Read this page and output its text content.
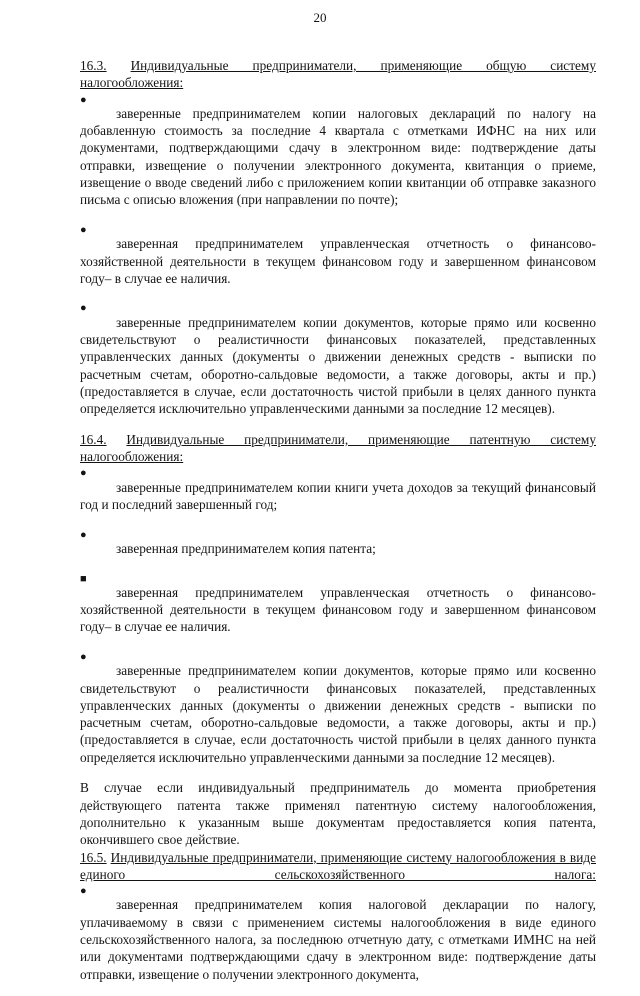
20

16.3. Индивидуальные предприниматели, применяющие общую систему налогообложения:

●

заверенные предпринимателем копии налоговых деклараций по налогу на добавленную стоимость за последние 4 квартала с отметками ИФНС на них или документами, подтверждающими сдачу в электронном виде: подтверждение даты отправки, извещение о получении электронного документа, квитанция о приеме, извещение о вводе сведений либо с приложением копии квитанции об отправке заказного письма с описью вложения (при направлении по почте);

●

заверенная предпринимателем управленческая отчетность о финансово-хозяйственной деятельности в текущем финансовом году и завершенном финансовом году– в случае ее наличия.

●

заверенные предпринимателем копии документов, которые прямо или косвенно свидетельствуют о реалистичности финансовых показателей, представленных управленческих данных (документы о движении денежных средств - выписки по расчетным счетам, оборотно-сальдовые ведомости, а также договоры, акты и пр.) (предоставляется в случае, если достаточность чистой прибыли в целях данного пункта определяется исключительно управленческими данными за последние 12 месяцев).

16.4. Индивидуальные предприниматели, применяющие патентную систему налогообложения:

●

заверенные предпринимателем копии книги учета доходов за текущий финансовый год и последний завершенный год;

●

заверенная предпринимателем копия патента;

■

заверенная предпринимателем управленческая отчетность о финансово-хозяйственной деятельности в текущем финансовом году и завершенном финансовом году– в случае ее наличия.

●

заверенные предпринимателем копии документов, которые прямо или косвенно свидетельствуют о реалистичности финансовых показателей, представленных управленческих данных (документы о движении денежных средств - выписки по расчетным счетам, оборотно-сальдовые ведомости, а также договоры, акты и пр.) (предоставляется в случае, если достаточность чистой прибыли в целях данного пункта определяется исключительно управленческими данными за последние 12 месяцев).

В случае если индивидуальный предприниматель до момента приобретения действующего патента также применял патентную систему налогообложения, дополнительно к указанным выше документам предоставляется копия патента, окончившего свое действие.

16.5. Индивидуальные предприниматели, применяющие систему налогообложения в виде единого сельскохозяйственного налога:

●

заверенная предпринимателем копия налоговой декларации по налогу, уплачиваемому в связи с применением системы налогообложения в виде единого сельскохозяйственного налога, за последнюю отчетную дату, с отметками ИМНС на ней или документами подтверждающими сдачу в электронном виде: подтверждение даты отправки, извещение о получении электронного документа,
